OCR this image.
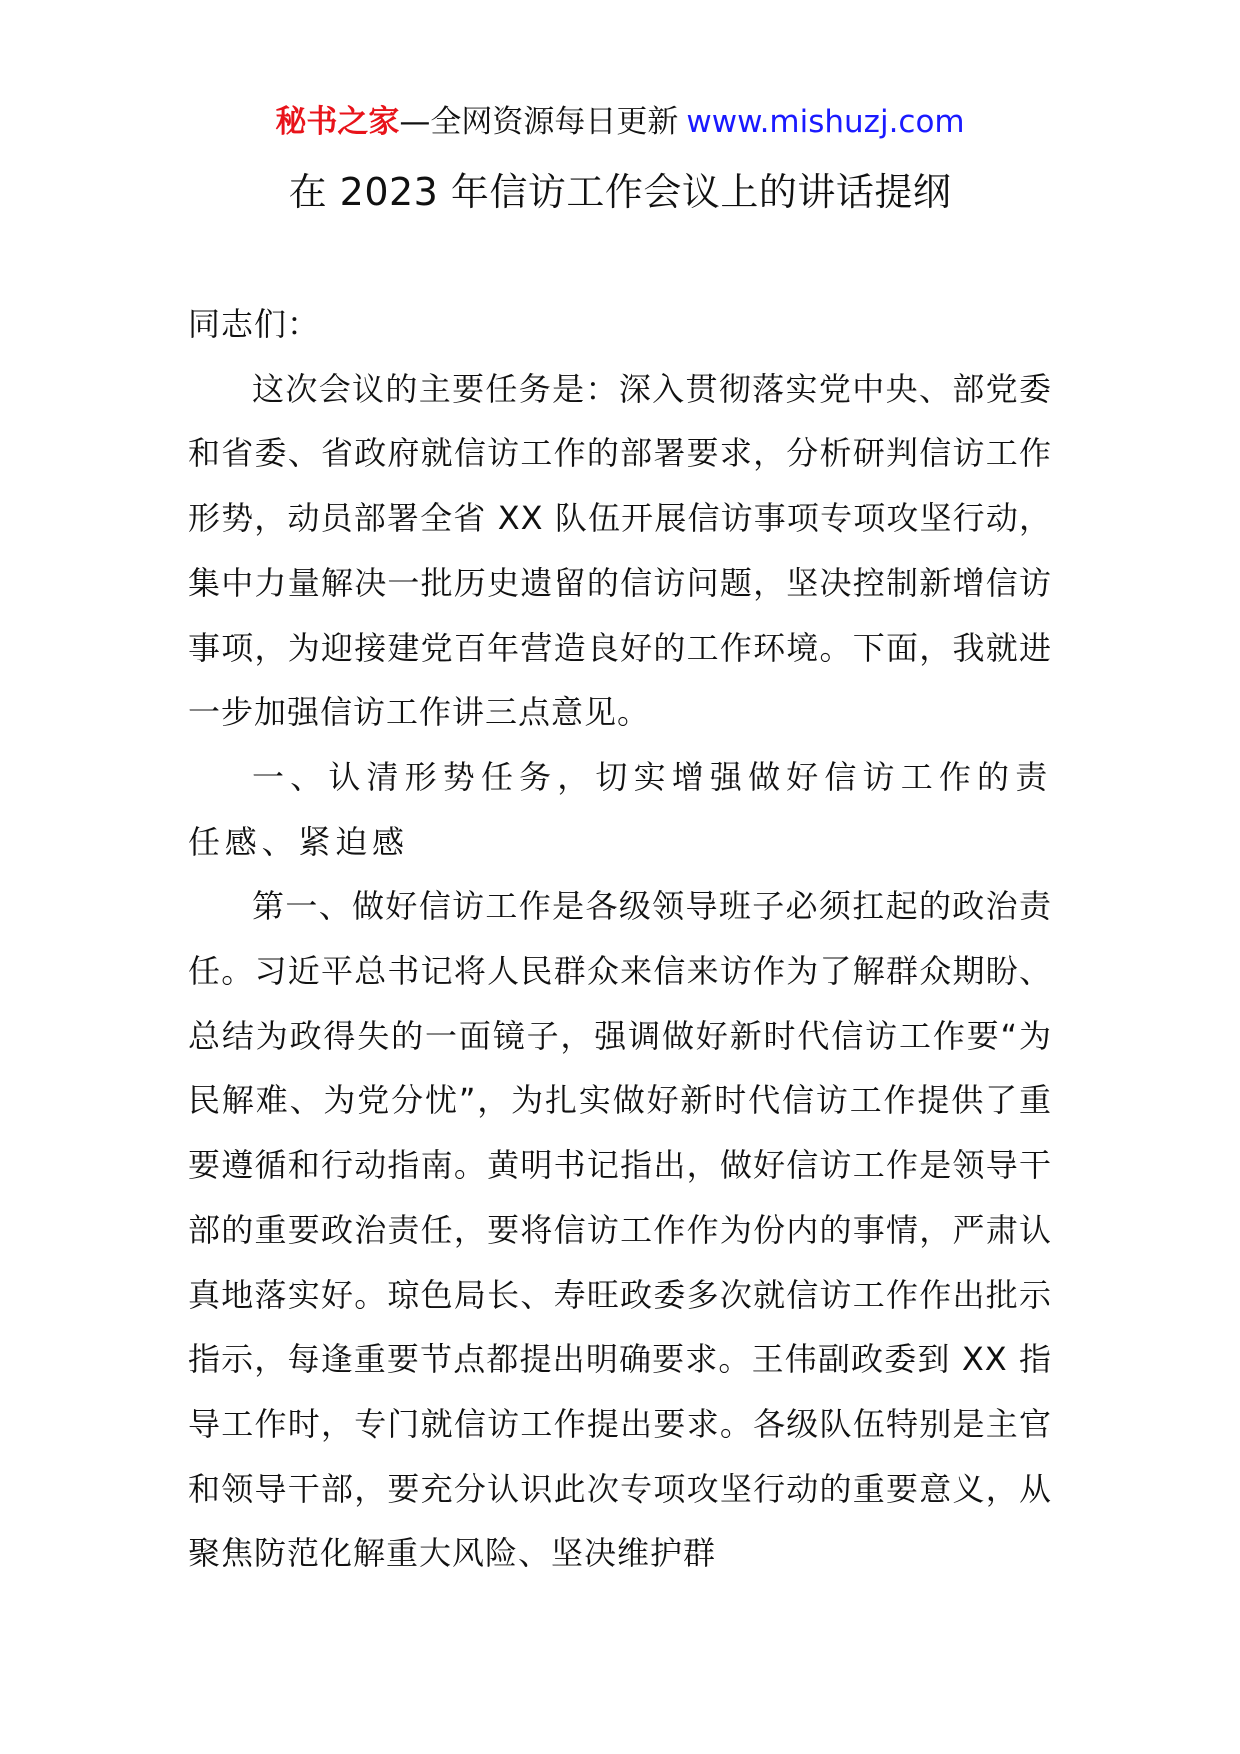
秘书之家—全网资源每日更新 www.mishuzj.com
在 2023 年信访工作会议上的讲话提纲

同志们：

这次会议的主要任务是：深入贯彻落实党中央、部党委和省委、省政府就信访工作的部署要求，分析研判信访工作形势，动员部署全省 XX 队伍开展信访事项专项攻坚行动，集中力量解决一批历史遗留的信访问题，坚决控制新增信访事项，为迎接建党百年营造良好的工作环境。下面，我就进一步加强信访工作讲三点意见。

一、认清形势任务，切实增强做好信访工作的责任感、紧迫感

第一、做好信访工作是各级领导班子必须扛起的政治责任。习近平总书记将人民群众来信来访作为了解群众期盼、总结为政得失的一面镜子，强调做好新时代信访工作要“为民解难、为党分忧”，为扎实做好新时代信访工作提供了重要遵循和行动指南。黄明书记指出，做好信访工作是领导干部的重要政治责任，要将信访工作作为份内的事情，严肃认真地落实好。琼色局长、寿旺政委多次就信访工作作出批示指示，每逢重要节点都提出明确要求。王伟副政委到 XX 指导工作时，专门就信访工作提出要求。各级队伍特别是主官和领导干部，要充分认识此次专项攻坚行动的重要意义，从聚焦防范化解重大风险、坚决维护群
